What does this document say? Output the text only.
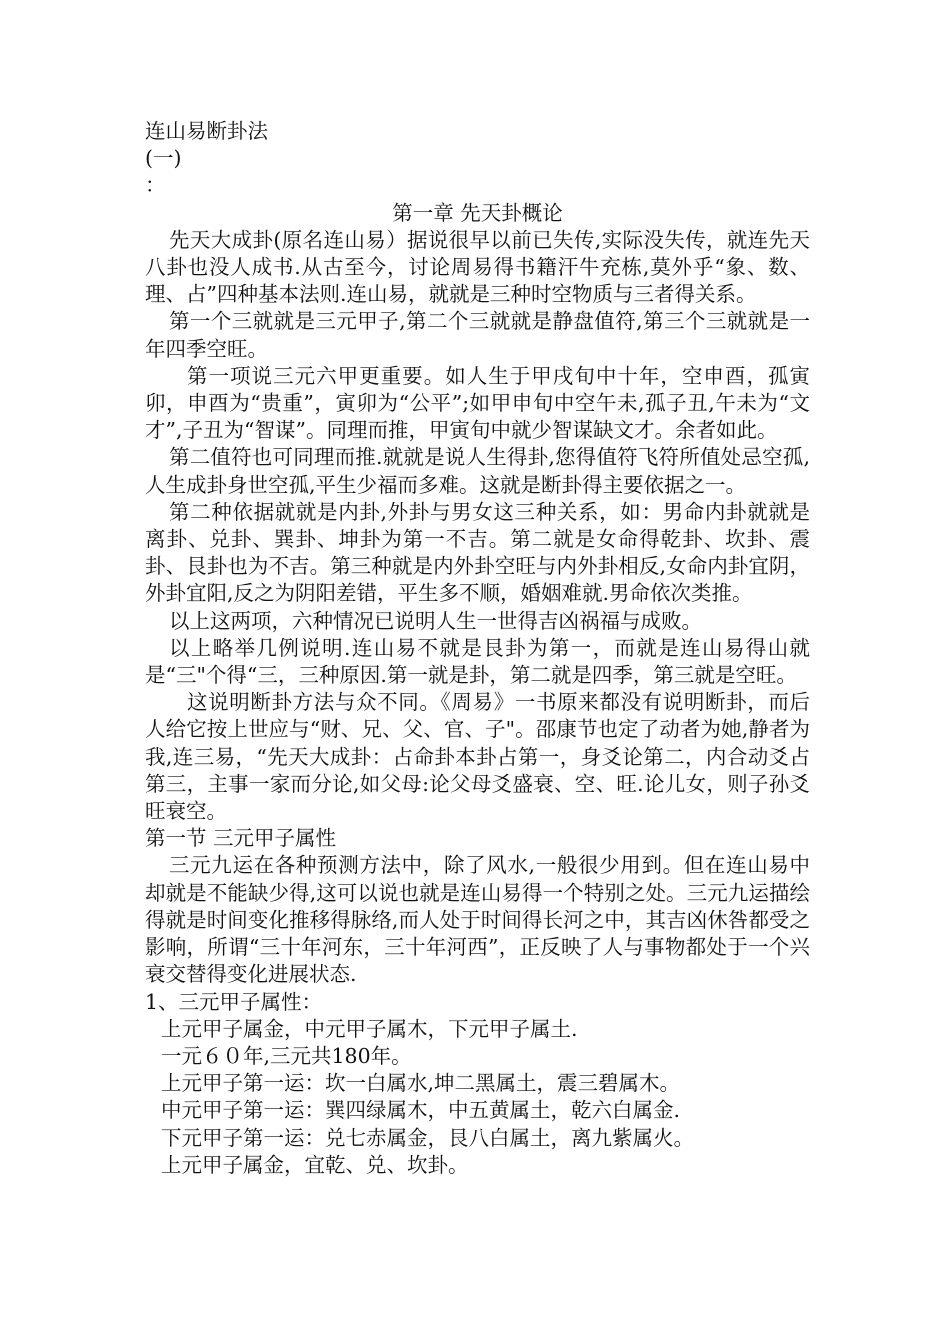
连山易断卦法
(一)
：
第一章 先天卦概论
先天大成卦(原名连山易）据说很早以前已失传,实际没失传，就连先天八卦也没人成书.从古至今，讨论周易得书籍汗牛充栋,莫外乎“象、数、理、占”四种基本法则.连山易，就就是三种时空物质与三者得关系。
第一个三就就是三元甲子,第二个三就就是静盘值符,第三个三就就是一年四季空旺。
第一项说三元六甲更重要。如人生于甲戌旬中十年，空申酉，孤寅卯，申酉为“贵重”，寅卯为“公平”;如甲申旬中空午未,孤子丑,午未为“文才”,子丑为“智谋”。同理而推，甲寅旬中就少智谋缺文才。余者如此。
第二值符也可同理而推.就就是说人生得卦,您得值符飞符所值处忌空孤,人生成卦身世空孤,平生少福而多难。这就是断卦得主要依据之一。
第二种依据就就是内卦,外卦与男女这三种关系，如：男命内卦就就是离卦、兑卦、巽卦、坤卦为第一不吉。第二就是女命得乾卦、坎卦、震卦、艮卦也为不吉。第三种就是内外卦空旺与内外卦相反,女命内卦宜阴，外卦宜阳,反之为阴阳差错，平生多不顺，婚姻难就.男命依次类推。
以上这两项，六种情况已说明人生一世得吉凶祸福与成败。
以上略举几例说明.连山易不就是艮卦为第一，而就是连山易得山就是“三"个得“三，三种原因.第一就是卦，第二就是四季，第三就是空旺。
这说明断卦方法与众不同。《周易》一书原来都没有说明断卦，而后人给它按上世应与“财、兄、父、官、子"。邵康节也定了动者为她,静者为我,连三易，“先天大成卦：占命卦本卦占第一，身爻论第二，内合动爻占第三，主事一家而分论,如父母:论父母爻盛衰、空、旺.论儿女，则子孙爻旺衰空。
第一节 三元甲子属性
三元九运在各种预测方法中，除了风水,一般很少用到。但在连山易中却就是不能缺少得,这可以说也就是连山易得一个特别之处。三元九运描绘得就是时间变化推移得脉络,而人处于时间得长河之中，其吉凶休咎都受之影响，所谓“三十年河东，三十年河西”，正反映了人与事物都处于一个兴衰交替得变化进展状态.
1、三元甲子属性：
上元甲子属金，中元甲子属木，下元甲子属土.
一元６０年,三元共180年。
上元甲子第一运：坎一白属水,坤二黑属土，震三碧属木。
中元甲子第一运：巽四绿属木，中五黄属土，乾六白属金.
下元甲子第一运：兑七赤属金，艮八白属土，离九紫属火。
上元甲子属金，宜乾、兑、坎卦。
